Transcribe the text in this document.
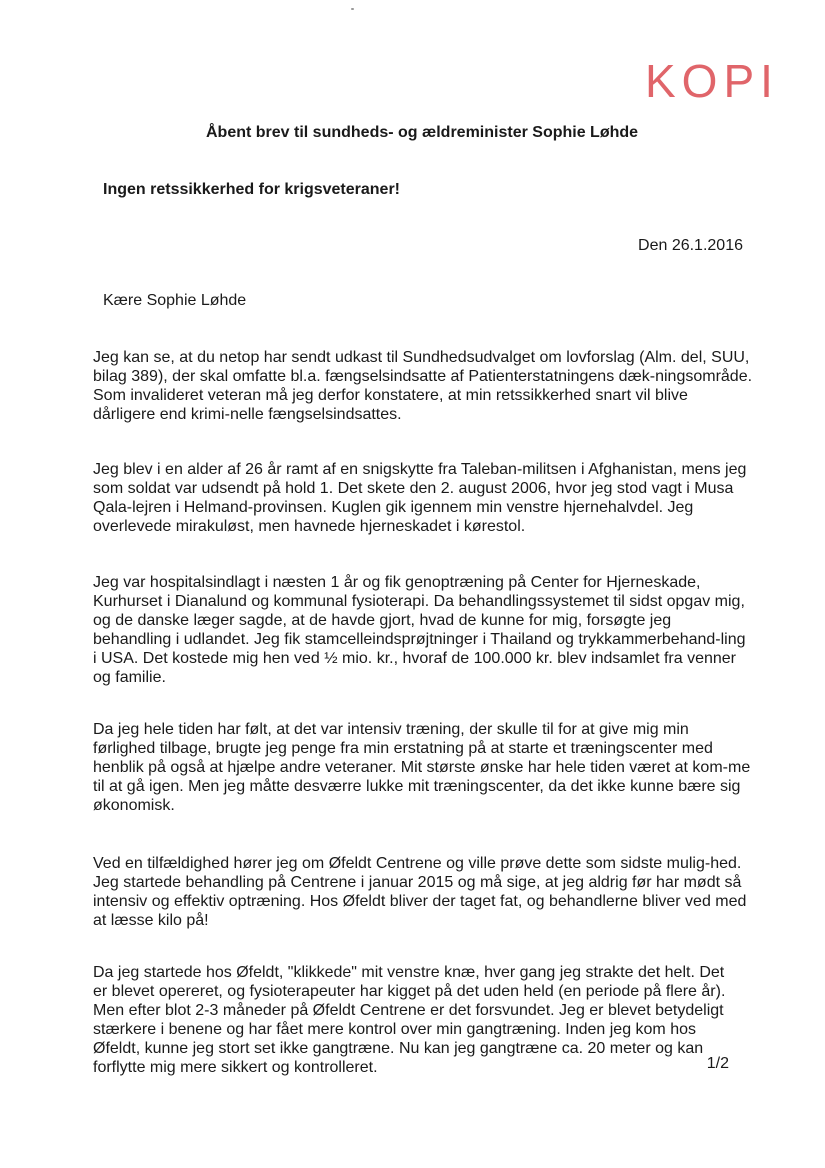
KOPI
Åbent brev til sundheds- og ældreminister Sophie Løhde
Ingen retssikkerhed for krigsveteraner!

Den 26.1.2016

Kære Sophie Løhde

Jeg kan se, at du netop har sendt udkast til Sundhedsudvalget om lovforslag (Alm. del, SUU, bilag 389), der skal omfatte bl.a. fængselsindsatte af Patienterstatningens dæk-ningsområde. Som invalideret veteran må jeg derfor konstatere, at min retssikkerhed snart vil blive dårligere end krimi-nelle fængselsindsattes.

Jeg blev i en alder af 26 år ramt af en snigskytte fra Taleban-militsen i Afghanistan, mens jeg som soldat var udsendt på hold 1. Det skete den 2. august 2006, hvor jeg stod vagt i Musa Qala-lejren i Helmand-provinsen. Kuglen gik igennem min venstre hjernehalvdel. Jeg overlevede mirakuløst, men havnede hjerneskadet i kørestol.

Jeg var hospitalsindlagt i næsten 1 år og fik genoptræning på Center for Hjerneskade, Kurhurset i Dianalund og kommunal fysioterapi. Da behandlingssystemet til sidst opgav mig, og de danske læger sagde, at de havde gjort, hvad de kunne for mig, forsøgte jeg behandling i udlandet. Jeg fik stamcelleindsprøjtninger i Thailand og trykkammerbehand-ling i USA. Det kostede mig hen ved ½ mio. kr., hvoraf de 100.000 kr. blev indsamlet fra venner og familie.

Da jeg hele tiden har følt, at det var intensiv træning, der skulle til for at give mig min førlighed tilbage, brugte jeg penge fra min erstatning på at starte et træningscenter med henblik på også at hjælpe andre veteraner. Mit største ønske har hele tiden været at kom-me til at gå igen. Men jeg måtte desværre lukke mit træningscenter, da det ikke kunne bære sig økonomisk.

Ved en tilfældighed hører jeg om Øfeldt Centrene og ville prøve dette som sidste mulig-hed. Jeg startede behandling på Centrene i januar 2015 og må sige, at jeg aldrig før har mødt så intensiv og effektiv optræning. Hos Øfeldt bliver der taget fat, og behandlerne bliver ved med at læsse kilo på!

Da jeg startede hos Øfeldt, "klikkede" mit venstre knæ, hver gang jeg strakte det helt. Det er blevet opereret, og fysioterapeuter har kigget på det uden held (en periode på flere år). Men efter blot 2-3 måneder på Øfeldt Centrene er det forsvundet. Jeg er blevet betydeligt stærkere i benene og har fået mere kontrol over min gangtræning. Inden jeg kom hos Øfeldt, kunne jeg stort set ikke gangtræne. Nu kan jeg gangtræne ca. 20 meter og kan forflytte mig mere sikkert og kontrolleret.	1/2
